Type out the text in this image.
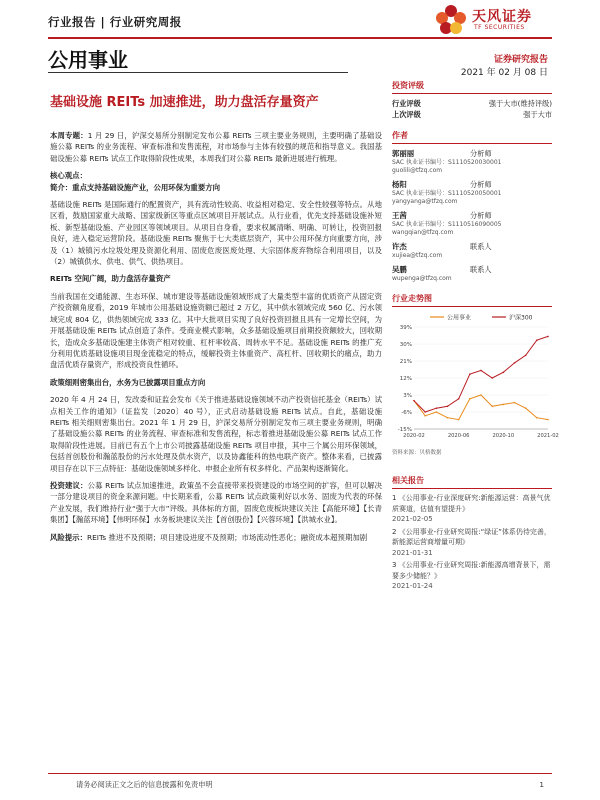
行业报告 | 行业研究周报	天风证券
TF SECURITIES
公用事业	证券研究报告
2021 年 02 月 08 日
基础设施 REITs 加速推进，助力盘活存量资产

本周专题：1 月 29 日，沪深交易所分别制定发布公募 REITs 三项主要业务规则，主要明确了基础设施公募 REITs 的业务流程、审查标准和发售流程，对市场参与主体有较强的规范和指导意义。我国基础设施公募 REITs 试点工作取得阶段性成果，本周我们对公募 REITs 最新进展进行梳理。

核心观点：

简介：重点支持基础设施产业，公用环保为重要方向

基础设施 REITs 是国际通行的配置资产，具有流动性较高、收益相对稳定、安全性较强等特点。从地区看，鼓励国家重大战略、国家级新区等重点区域项目开展试点。从行业看，优先支持基础设施补短板、新型基础设施、产业园区等领域项目。从项目自身看，要求权属清晰、明确、可转让，投资回报良好，进入稳定运营阶段。基础设施 REITs 聚焦于七大类底层资产，其中公用环保方向重要方向，涉及（1）城镇污水垃圾处理及资源化利用、固废危废医废处理、大宗固体废弃物综合利用项目，以及（2）城镇供水、供电、供气、供热项目。

REITs 空间广阔，助力盘活存量资产

当前我国在交通能源、生态环保、城市建设等基础设施领域形成了大量类型丰富的优质资产从固定资产投资额角度看，2019 年城市公用基础设施资额已超过 2 万亿，其中供水领域完成 560 亿、污水领域完成 804 亿，供热领域完成 333 亿。其中大批项目实现了良好投资回报且具有一定增长空间，为开展基础设施 REITs 试点创造了条件。受商业模式影响，众多基础设施项目前期投资额较大，回收期长，造成众多基础设施建主体资产相对较重、杠杆率较高、周转水平不足。基础设施 REITs 的推广充分利用优质基础设施项目现金流稳定的特点，缓解投资主体重资产、高杠杆、回收期长的痛点，助力盘活优质存量资产，形成投资良性循环。

政策细则密集出台，水务为已披露项目重点方向

2020 年 4 月 24 日，发改委和证监会发布《关于推进基础设施领域不动产投资信托基金（REITs）试点相关工作的通知》（证监发〔2020〕40 号），正式启动基础设施 REITs 试点。自此，基础设施 REITs 相关细则密集出台。2021 年 1 月 29 日，沪深交易所分别制定发布三项主要业务规则，明确了基础设施公募 REITs 的业务流程、审查标准和发售流程，标志着推进基础设施公募 REITs 试点工作取得阶段性进展。目前已有五个上市公司披露基础设施 REITs 项目申报，其中三个属公用环保领域，包括首创股份和瀚蓝股份的污水处理及供水资产，以及协鑫能科的热电联产资产。整体来看，已披露项目存在以下三点特征：基础设施领域多样化、申报企业所有权多样化、产品架构逐渐简化。

投资建议：公募 REITs 试点加速推进，政策虽不会直接带来投资建设的市场空间的扩容，但可以解决一部分建设项目的资金来源问题。中长期来看，公募 REITs 试点政策利好以水务、固废为代表的环保产业发展，我们维持行业“强于大市”评级。具体标的方面，固废危废板块建议关注【高能环境】【长青集团】【瀚蓝环境】【伟明环保】水务板块建议关注【首创股份】【兴蓉环境】【洪城水业】。

风险提示：REITs 推进不及预期；项目建设进度不及预期；市场流动性恶化；融资成本超预期加剧

投资评级
行业评级	强于大市(维持评级)
上次评级	强于大市
作者
郭丽丽	分析师
SAC 执业证书编号：S1110520030001
guolili@tfzq.com
杨阳	分析师
SAC 执业证书编号：S1110520050001
yangyanga@tfzq.com
王茜	分析师
SAC 执业证书编号：S1110516090005
wangqian@tfzq.com
许杰	联系人
xujiea@tfzq.com
吴鹏	联系人
wupenga@tfzq.com
行业走势图
公用事业	沪深300
39%
30%
21%
12%
3%
-6%
-15%
2020-02	2020-06	2020-10	2021-02
资料来源：贝格数据
相关报告
1 《公用事业-行业深度研究:新能源运营：高景气优质赛道，估值有望提升》
2021-02-05
2 《公用事业-行业研究周报:“绿证”体系仍待完善，新能源运营商增量可期》
2021-01-31
3 《公用事业-行业研究周报:新能源高增背景下，需要多少储能？》
2021-01-24
请务必阅读正文之后的信息披露和免责申明	1
